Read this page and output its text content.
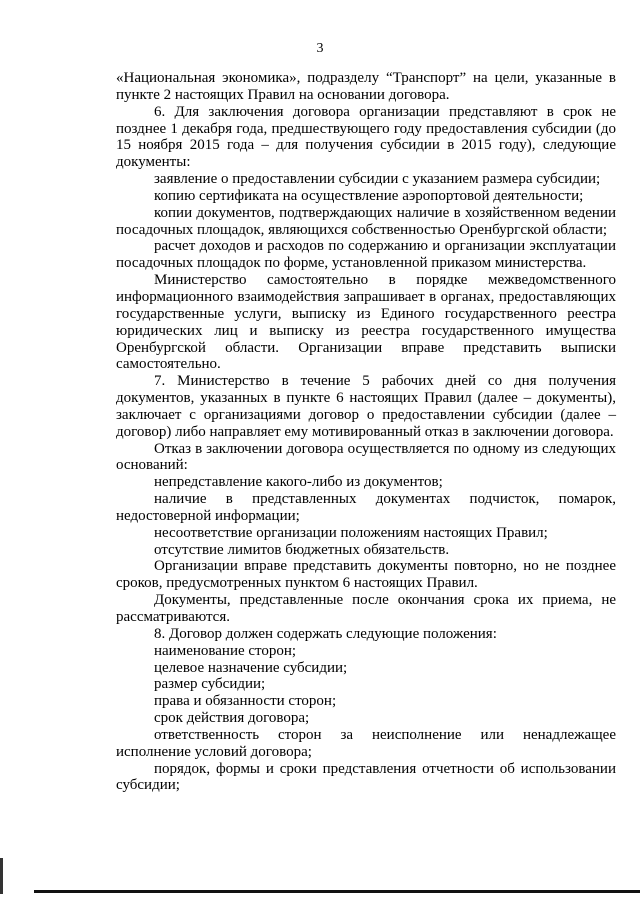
3

«Национальная экономика», подразделу “Транспорт” на цели, указанные в пункте 2 настоящих Правил на основании договора.

6. Для заключения договора организации представляют в срок не позднее 1 декабря года, предшествующего году предоставления субсидии (до 15 ноября 2015 года – для получения субсидии в 2015 году), следующие документы:

заявление о предоставлении субсидии с указанием размера субсидии;

копию сертификата на осуществление аэропортовой деятельности;

копии документов, подтверждающих наличие в хозяйственном ведении посадочных площадок, являющихся собственностью Оренбургской области;

расчет доходов и расходов по содержанию и организации эксплуатации посадочных площадок по форме, установленной приказом министерства.

Министерство самостоятельно в порядке межведомственного информационного взаимодействия запрашивает в органах, предоставляющих государственные услуги, выписку из Единого государственного реестра юридических лиц и выписку из реестра государственного имущества Оренбургской области. Организации вправе представить выписки самостоятельно.

7. Министерство в течение 5 рабочих дней со дня получения документов, указанных в пункте 6 настоящих Правил (далее – документы), заключает с организациями договор о предоставлении субсидии (далее – договор) либо направляет ему мотивированный отказ в заключении договора.

Отказ в заключении договора осуществляется по одному из следующих оснований:

непредставление какого-либо из документов;

наличие в представленных документах подчисток, помарок, недостоверной информации;

несоответствие организации положениям настоящих Правил;

отсутствие лимитов бюджетных обязательств.

Организации вправе представить документы повторно, но не позднее сроков, предусмотренных пунктом 6 настоящих Правил.

Документы, представленные после окончания срока их приема, не рассматриваются.

8. Договор должен содержать следующие положения:

наименование сторон;

целевое назначение субсидии;

размер субсидии;

права и обязанности сторон;

срок действия договора;

ответственность сторон за неисполнение или ненадлежащее исполнение условий договора;

порядок, формы и сроки представления отчетности об использовании субсидии;
